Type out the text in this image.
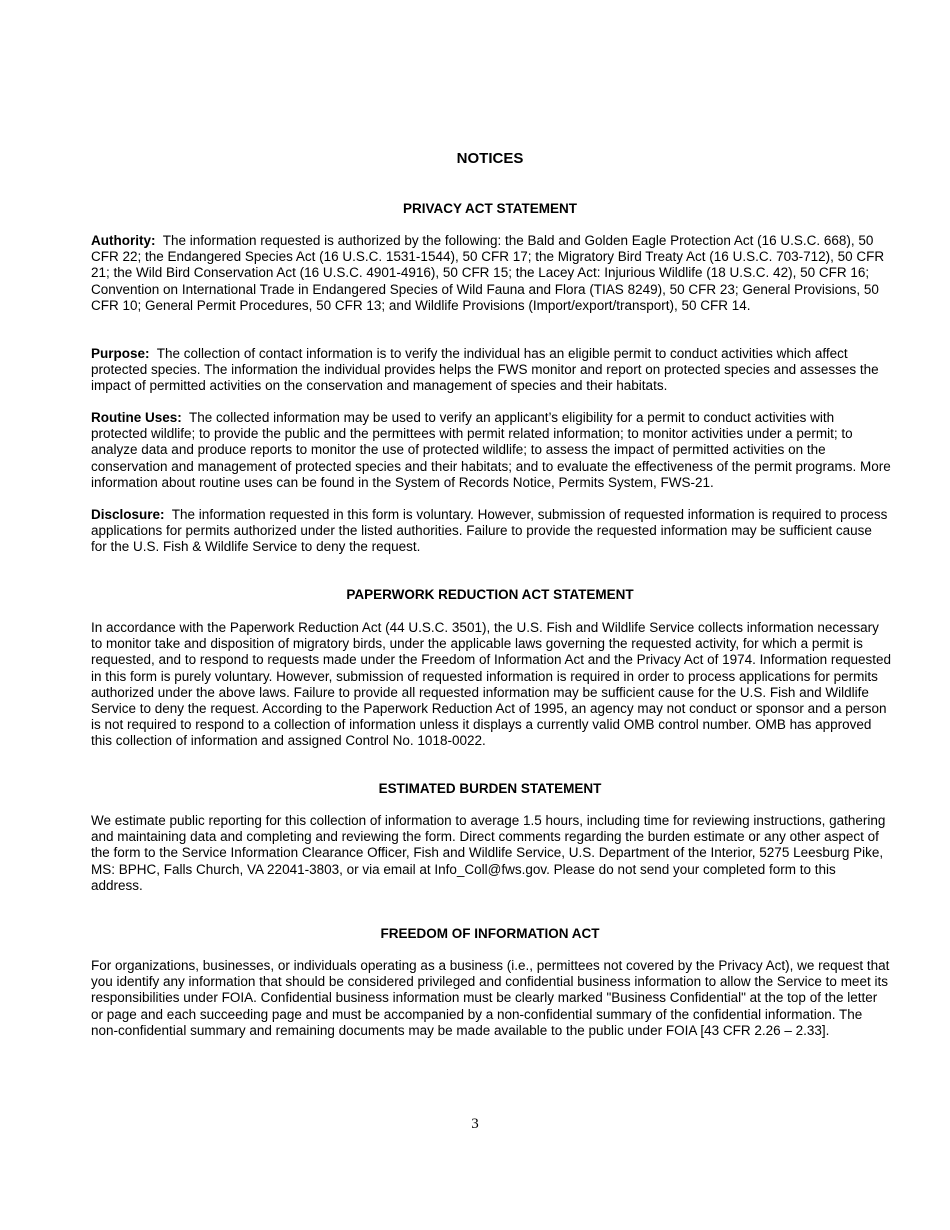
NOTICES
PRIVACY ACT STATEMENT

Authority: The information requested is authorized by the following: the Bald and Golden Eagle Protection Act (16 U.S.C. 668), 50 CFR 22; the Endangered Species Act (16 U.S.C. 1531-1544), 50 CFR 17; the Migratory Bird Treaty Act (16 U.S.C. 703-712), 50 CFR 21; the Wild Bird Conservation Act (16 U.S.C. 4901-4916), 50 CFR 15; the Lacey Act: Injurious Wildlife (18 U.S.C. 42), 50 CFR 16; Convention on International Trade in Endangered Species of Wild Fauna and Flora (TIAS 8249), 50 CFR 23; General Provisions, 50 CFR 10; General Permit Procedures, 50 CFR 13; and Wildlife Provisions (Import/export/transport), 50 CFR 14.

Purpose: The collection of contact information is to verify the individual has an eligible permit to conduct activities which affect protected species. The information the individual provides helps the FWS monitor and report on protected species and assesses the impact of permitted activities on the conservation and management of species and their habitats.

Routine Uses: The collected information may be used to verify an applicant’s eligibility for a permit to conduct activities with protected wildlife; to provide the public and the permittees with permit related information; to monitor activities under a permit; to analyze data and produce reports to monitor the use of protected wildlife; to assess the impact of permitted activities on the conservation and management of protected species and their habitats; and to evaluate the effectiveness of the permit programs. More information about routine uses can be found in the System of Records Notice, Permits System, FWS-21.

Disclosure: The information requested in this form is voluntary. However, submission of requested information is required to process applications for permits authorized under the listed authorities. Failure to provide the requested information may be sufficient cause for the U.S. Fish & Wildlife Service to deny the request.

PAPERWORK REDUCTION ACT STATEMENT

In accordance with the Paperwork Reduction Act (44 U.S.C. 3501), the U.S. Fish and Wildlife Service collects information necessary to monitor take and disposition of migratory birds, under the applicable laws governing the requested activity, for which a permit is requested, and to respond to requests made under the Freedom of Information Act and the Privacy Act of 1974. Information requested in this form is purely voluntary. However, submission of requested information is required in order to process applications for permits authorized under the above laws. Failure to provide all requested information may be sufficient cause for the U.S. Fish and Wildlife Service to deny the request. According to the Paperwork Reduction Act of 1995, an agency may not conduct or sponsor and a person is not required to respond to a collection of information unless it displays a currently valid OMB control number. OMB has approved this collection of information and assigned Control No. 1018-0022.

ESTIMATED BURDEN STATEMENT

We estimate public reporting for this collection of information to average 1.5 hours, including time for reviewing instructions, gathering and maintaining data and completing and reviewing the form. Direct comments regarding the burden estimate or any other aspect of the form to the Service Information Clearance Officer, Fish and Wildlife Service, U.S. Department of the Interior, 5275 Leesburg Pike, MS: BPHC, Falls Church, VA 22041-3803, or via email at Info_Coll@fws.gov. Please do not send your completed form to this address.

FREEDOM OF INFORMATION ACT

For organizations, businesses, or individuals operating as a business (i.e., permittees not covered by the Privacy Act), we request that you identify any information that should be considered privileged and confidential business information to allow the Service to meet its responsibilities under FOIA. Confidential business information must be clearly marked "Business Confidential" at the top of the letter or page and each succeeding page and must be accompanied by a non-confidential summary of the confidential information. The non-confidential summary and remaining documents may be made available to the public under FOIA [43 CFR 2.26 – 2.33].

3
